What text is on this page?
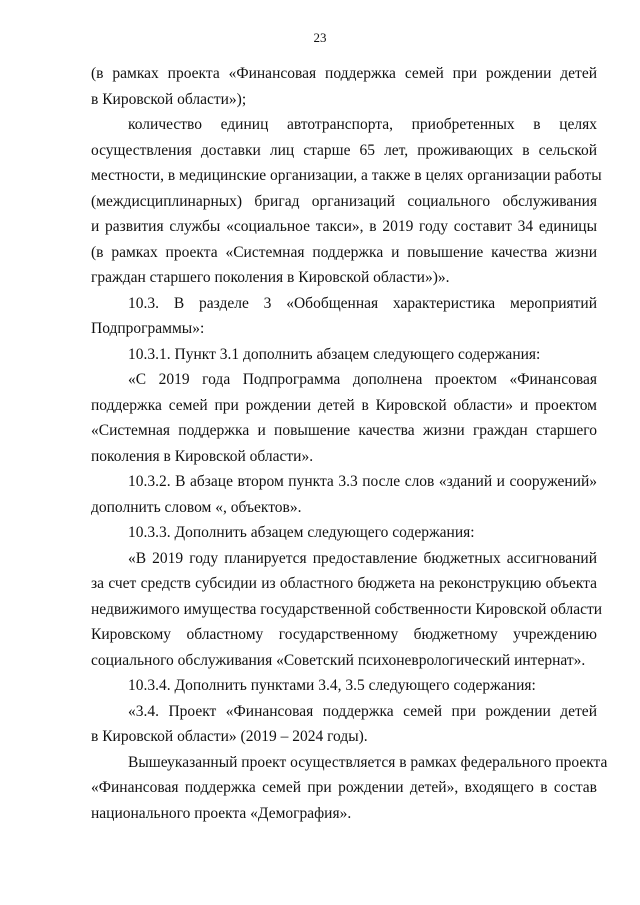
23
(в рамках проекта «Финансовая поддержка семей при рождении детей
в Кировской области»);
количество единиц автотранспорта, приобретенных в целях
осуществления доставки лиц старше 65 лет, проживающих в сельской
местности, в медицинские организации, а также в целях организации работы
(междисциплинарных) бригад организаций социального обслуживания
и развития службы «социальное такси», в 2019 году составит 34 единицы
(в рамках проекта «Системная поддержка и повышение качества жизни
граждан старшего поколения в Кировской области»)».
10.3. В разделе 3 «Обобщенная характеристика мероприятий
Подпрограммы»:
10.3.1. Пункт 3.1 дополнить абзацем следующего содержания:
«С 2019 года Подпрограмма дополнена проектом «Финансовая
поддержка семей при рождении детей в Кировской области» и проектом
«Системная поддержка и повышение качества жизни граждан старшего
поколения в Кировской области».
10.3.2. В абзаце втором пункта 3.3 после слов «зданий и сооружений»
дополнить словом «, объектов».
10.3.3. Дополнить абзацем следующего содержания:
«В 2019 году планируется предоставление бюджетных ассигнований
за счет средств субсидии из областного бюджета на реконструкцию объекта
недвижимого имущества государственной собственности Кировской области
Кировскому областному государственному бюджетному учреждению
социального обслуживания «Советский психоневрологический интернат».
10.3.4. Дополнить пунктами 3.4, 3.5 следующего содержания:
«3.4. Проект «Финансовая поддержка семей при рождении детей
в Кировской области» (2019 – 2024 годы).
Вышеуказанный проект осуществляется в рамках федерального проекта
«Финансовая поддержка семей при рождении детей», входящего в состав
национального проекта «Демография».
